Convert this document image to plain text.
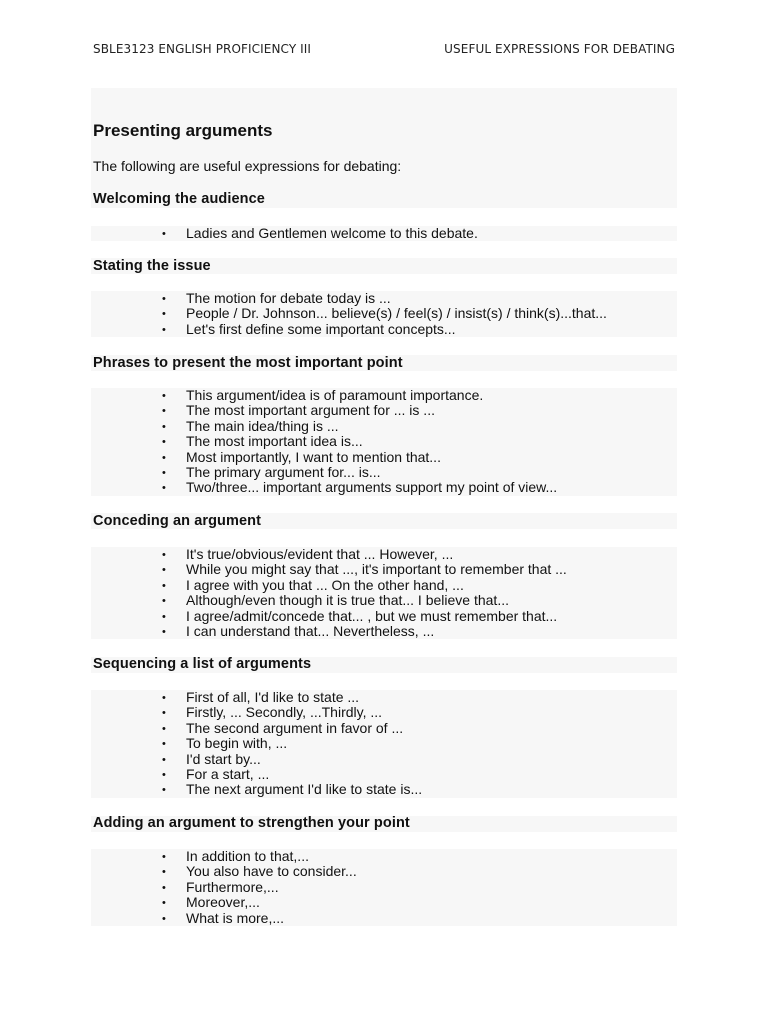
SBLE3123 ENGLISH PROFICIENCY III	USEFUL EXPRESSIONS FOR DEBATING
Presenting arguments
The following are useful expressions for debating:
Welcoming the audience
• Ladies and Gentlemen welcome to this debate.
Stating the issue
• The motion for debate today is ...
• People / Dr. Johnson... believe(s) / feel(s) / insist(s) / think(s)...that...
• Let's first define some important concepts...
Phrases to present the most important point
• This argument/idea is of paramount importance.
• The most important argument for ... is ...
• The main idea/thing is ...
• The most important idea is...
• Most importantly, I want to mention that...
• The primary argument for... is...
• Two/three... important arguments support my point of view...
Conceding an argument
• It's true/obvious/evident that ... However, ...
• While you might say that ..., it's important to remember that ...
• I agree with you that ... On the other hand, ...
• Although/even though it is true that... I believe that...
• I agree/admit/concede that... , but we must remember that...
• I can understand that... Nevertheless, ...
Sequencing a list of arguments
• First of all, I'd like to state ...
• Firstly, ... Secondly, ...Thirdly, ...
• The second argument in favor of ...
• To begin with, ...
• I'd start by...
• For a start, ...
• The next argument I'd like to state is...
Adding an argument to strengthen your point
• In addition to that,...
• You also have to consider...
• Furthermore,...
• Moreover,...
• What is more,...
